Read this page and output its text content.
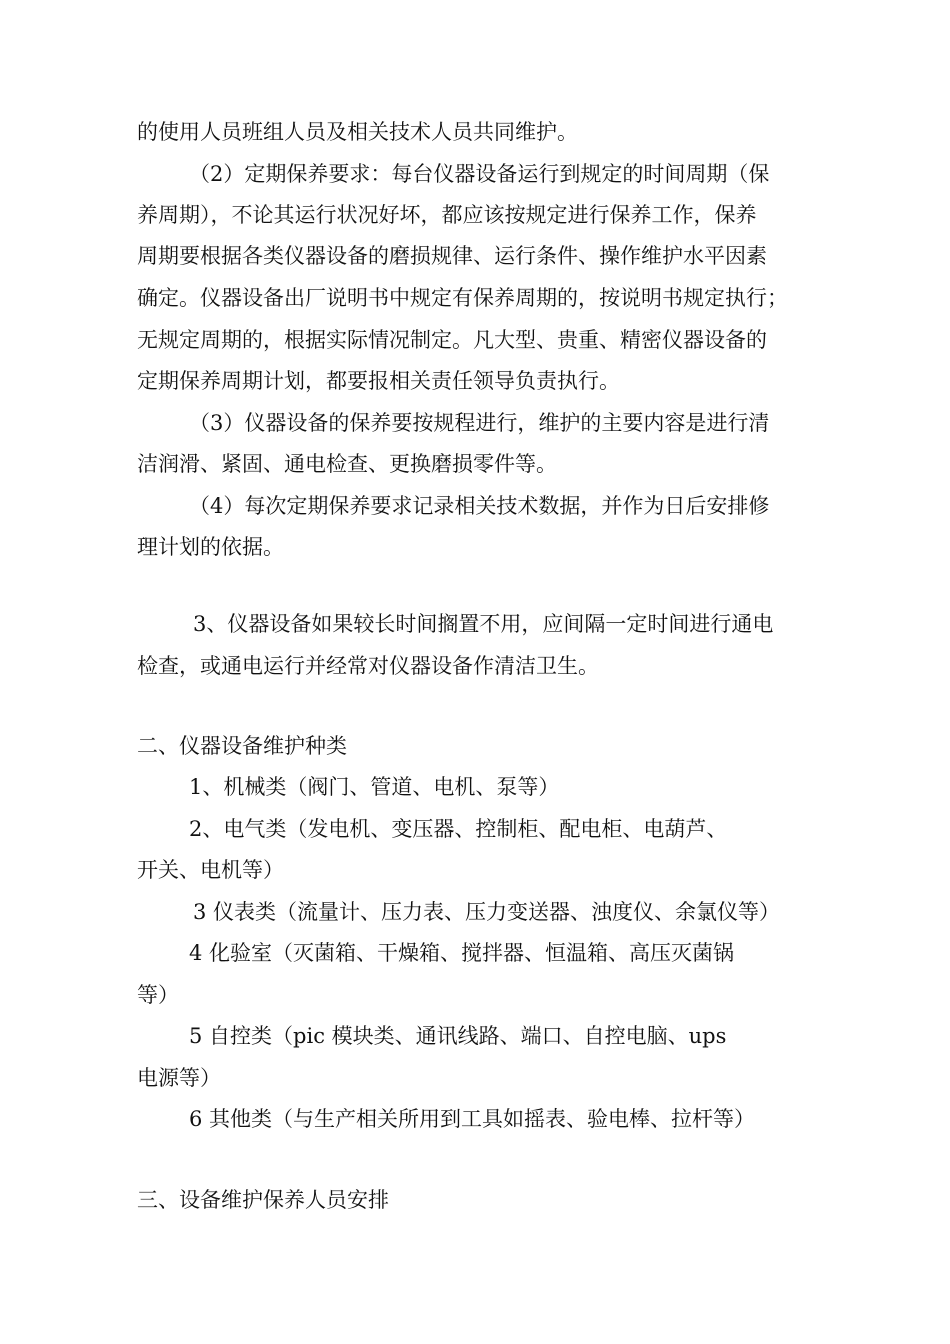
的使用人员班组人员及相关技术人员共同维护。
（2）定期保养要求：每台仪器设备运行到规定的时间周期（保
养周期），不论其运行状况好坏，都应该按规定进行保养工作，保养
周期要根据各类仪器设备的磨损规律、运行条件、操作维护水平因素
确定。仪器设备出厂说明书中规定有保养周期的，按说明书规定执行；
无规定周期的，根据实际情况制定。凡大型、贵重、精密仪器设备的
定期保养周期计划，都要报相关责任领导负责执行。
（3）仪器设备的保养要按规程进行，维护的主要内容是进行清
洁润滑、紧固、通电检查、更换磨损零件等。
（4）每次定期保养要求记录相关技术数据，并作为日后安排修
理计划的依据。
3、仪器设备如果较长时间搁置不用，应间隔一定时间进行通电
检查，或通电运行并经常对仪器设备作清洁卫生。
二、仪器设备维护种类
1、机械类（阀门、管道、电机、泵等）
2、电气类（发电机、变压器、控制柜、配电柜、电葫芦、
开关、电机等）
3 仪表类（流量计、压力表、压力变送器、浊度仪、余氯仪等）
4 化验室（灭菌箱、干燥箱、搅拌器、恒温箱、高压灭菌锅
等）
5 自控类（pic 模块类、通讯线路、端口、自控电脑、ups
电源等）
6 其他类（与生产相关所用到工具如摇表、验电棒、拉杆等）
三、设备维护保养人员安排
